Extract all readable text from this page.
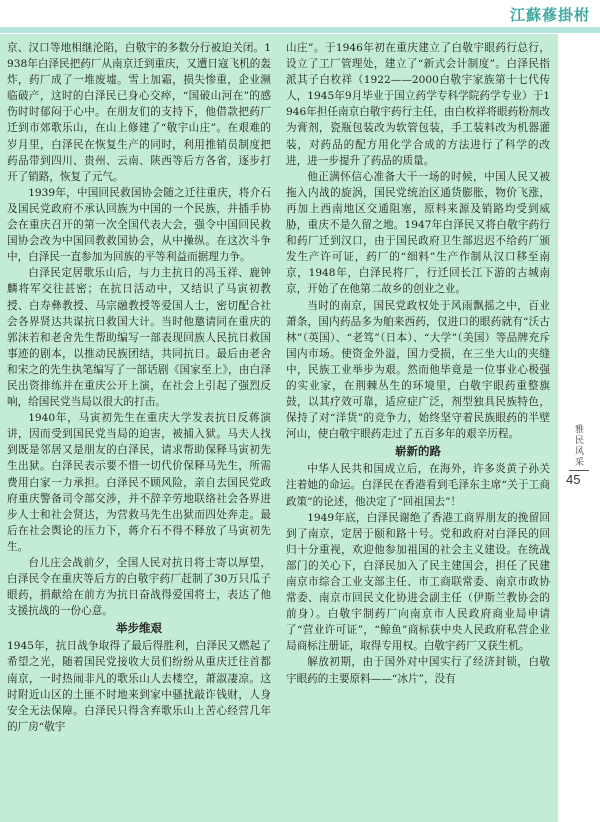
江蘇蓚掛柎

京、汉口等地相继沦陷，白敬宇的多数分行被迫关闭。1938年白泽民把药厂从南京迁到重庆，又遭日寇飞机的轰炸，药厂成了一堆废墟。雪上加霜，损失惨重，企业濒临破产，这时的白泽民已身心交瘁，“国破山河在”的感伤时时郁闷于心中。在朋友们的支持下，他借款把药厂迁到市郊歌乐山，在山上修建了“敬宇山庄”。在艰难的岁月里，白泽民在恢复生产的同时，利用推销员制度把药品带到四川、贵州、云南、陕西等后方各省，逐步打开了销路，恢复了元气。

1939年，中国回民救国协会随之迁往重庆，将介石及国民党政府不承认回族为中国的一个民族，并插手协会在重庆召开的第一次全国代表大会，强令中国回民救国协会改为中国回教救国协会，从中操纵。在这次斗争中，白泽民一直参加为回族的平等利益而据理力争。

白泽民定居歌乐山后，与力主抗日的冯玉祥、鹿钟麟将军交往甚密；在抗日活动中，又结识了马寅初教授、白寿彝教授、马宗融教授等爱国人士，密切配合社会各界贤达共谋抗日救国大计。当时他邀请同在重庆的郭沫若和老舍先生帮助编写一部表现回族人民抗日救国事迹的剧本，以推动民族团结，共同抗日。最后由老舍和宋之的先生执笔编写了一部话剧《国家至上》，由白泽民出资排练并在重庆公开上演，在社会上引起了强烈反响，给国民党当局以很大的打击。

1940年，马寅初先生在重庆大学发表抗日反蒋演讲，因而受到国民党当局的迫害，被捕入狱。马夫人找到既是邻居又是朋友的白泽民，请求帮助保释马寅初先生出狱。白泽民表示要不惜一切代价保释马先生，所需费用白家一力承担。白泽民不顾风险，亲自去国民党政府重庆警备司令部交涉，并不辞辛劳地联络社会各界进步人士和社会贤达，为营救马先生出狱而四处奔走。最后在社会舆论的压力下，蒋介石不得不释放了马寅初先生。

台儿庄会战前夕，全国人民对抗日将士寄以厚望，白泽民令在重庆等后方的白敬宇药厂赶制了30万只瓜子眼药，捐献给在前方为抗日奋战得爱国将士，表达了他支援抗战的一份心意。

举步维艰

1945年，抗日战争取得了最后得胜利，白泽民又燃起了希望之光，随着国民党接收大员们纷纷从重庆迁往首都南京，一时热闹非凡的歌乐山人去楼空，萧淑凄凉。这时附近山区的土匪不时地来到家中骚扰敲诈钱财，人身安全无法保障。白泽民只得含弃歌乐山上苦心经营几年的厂房“敬宇

山庄”。于1946年初在重庆建立了白敬宇眼药行总行，设立了工厂管理处，建立了“新式会计制度”。白泽民指派其子白枚祥（1922——2000白敬宇家族第十七代传人，1945年9月毕业于国立药学专科学院药学专业）于1946年担任南京白敬宇药行主任，由白枚祥将眼药粉剂改为膏剂，瓷瓶包装改为软管包装，手工装料改为机器灌装，对药品的配方用化学合成的方法进行了科学的改进，进一步提升了药品的质量。

他正满怀信心准备大干一场的时候，中国人民又被拖入内战的旋涡，国民党统治区通货膨胀，物价飞涨，再加上西南地区交通阻塞，原料来源及销路均受到威胁，重庆不是久留之地。1947年白泽民又将白敬宇药行和药厂迁到汉口，由于国民政府卫生部迟迟不给药厂颁发生产许可证，药厂的“细料”生产作制从汉口移至南京，1948年，白泽民将厂，行迁回长江下游的古城南京，开始了在他第二故乡的创业之业。

当时的南京，国民党政权处于风雨飘摇之中，百业萧条，国内药品多为舶来西药，仅进口的眼药就有“沃古林”（英国）、“老笃”（日本）、“大学”（美国）等品牌充斥国内市场。使资金外溢，国力受损，在三坐大山的夹缝中，民族工业举步为艰。然而他毕竟是一位事业心极强的实业家，在荆棘丛生的环境里，白敬宇眼药重整旗鼓，以其疗效可靠，适应症广泛，剂型独具民族特色，保持了对“洋货”的竞争力，始终坚守着民族眼药的半壁河山，使白敬宇眼药走过了五百多年的艰辛历程。

崭新的路

中华人民共和国成立后，在海外，许多炎黄子孙关注着她的命运。白泽民在香港看到毛泽东主席“关于工商政策”的论述，他决定了“回祖国去”！

1949年底，白泽民谢绝了香港工商界朋友的挽留回到了南京，定居于颐和路十号。党和政府对白泽民的回归十分重视，欢迎他参加祖国的社会主义建设。在统战部门的关心下，白泽民加入了民主建国会，担任了民建南京市综合工业支部主任、市工商联常委、南京市政协常委、南京市回民文化协进会副主任（伊斯兰教协会的前身）。白敬宇制药厂向南京市人民政府商业局申请了“营业许可证”，“鲸鱼”商标获中央人民政府私营企业局商标注册证，取得专用权。白敬宇药厂又获生机。

解放初期，由于国外对中国实行了经济封锁，白敬宇眼药的主要原料——“冰片”，没有

雅民风采
45
